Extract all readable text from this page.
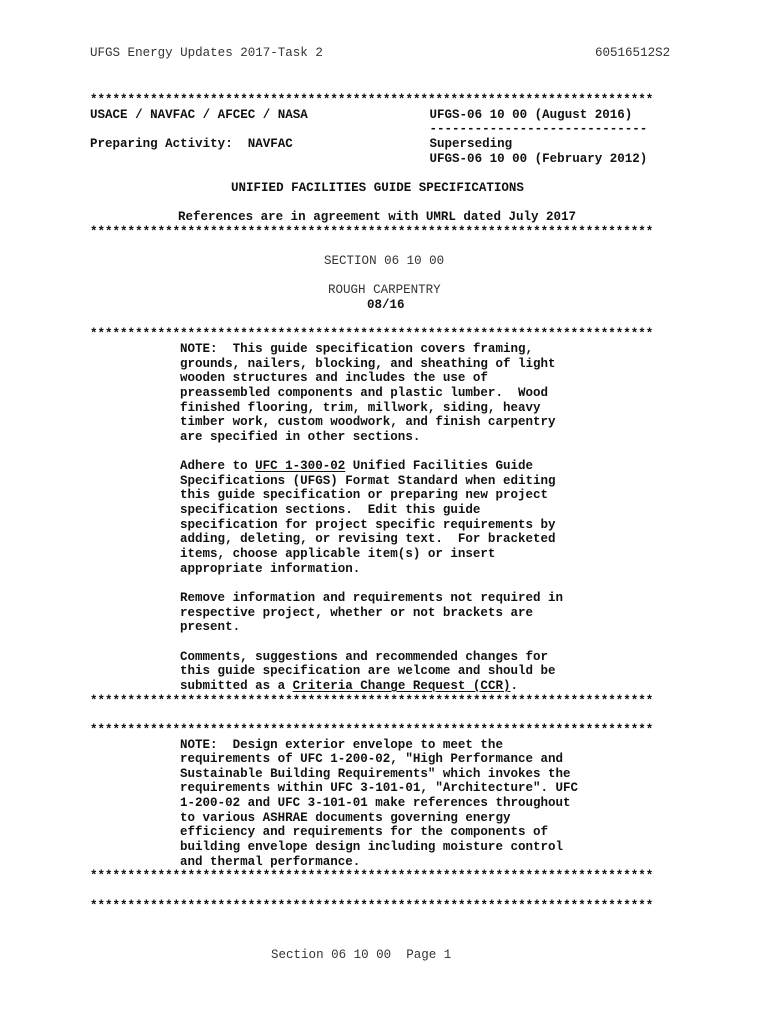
UFGS Energy Updates 2017-Task 2	60516512S2
***************************************************************************
USACE / NAVFAC / AFCEC / NASA	UFGS-06 10 00 (August 2016)
-----------------------------
Preparing Activity:  NAVFAC	Superseding
UFGS-06 10 00 (February 2012)
UNIFIED FACILITIES GUIDE SPECIFICATIONS
References are in agreement with UMRL dated July 2017
***************************************************************************
SECTION 06 10 00
ROUGH CARPENTRY
08/16
***************************************************************************
NOTE:  This guide specification covers framing,
grounds, nailers, blocking, and sheathing of light
wooden structures and includes the use of
preassembled components and plastic lumber.  Wood
finished flooring, trim, millwork, siding, heavy
timber work, custom woodwork, and finish carpentry
are specified in other sections.
Adhere to UFC 1-300-02 Unified Facilities Guide
Specifications (UFGS) Format Standard when editing
this guide specification or preparing new project
specification sections.  Edit this guide
specification for project specific requirements by
adding, deleting, or revising text.  For bracketed
items, choose applicable item(s) or insert
appropriate information.
Remove information and requirements not required in
respective project, whether or not brackets are
present.
Comments, suggestions and recommended changes for
this guide specification are welcome and should be
submitted as a Criteria Change Request (CCR).
***************************************************************************
***************************************************************************
NOTE:  Design exterior envelope to meet the
requirements of UFC 1-200-02, "High Performance and
Sustainable Building Requirements" which invokes the
requirements within UFC 3-101-01, "Architecture". UFC
1-200-02 and UFC 3-101-01 make references throughout
to various ASHRAE documents governing energy
efficiency and requirements for the components of
building envelope design including moisture control
and thermal performance.
***************************************************************************
***************************************************************************
Section 06 10 00  Page 1
